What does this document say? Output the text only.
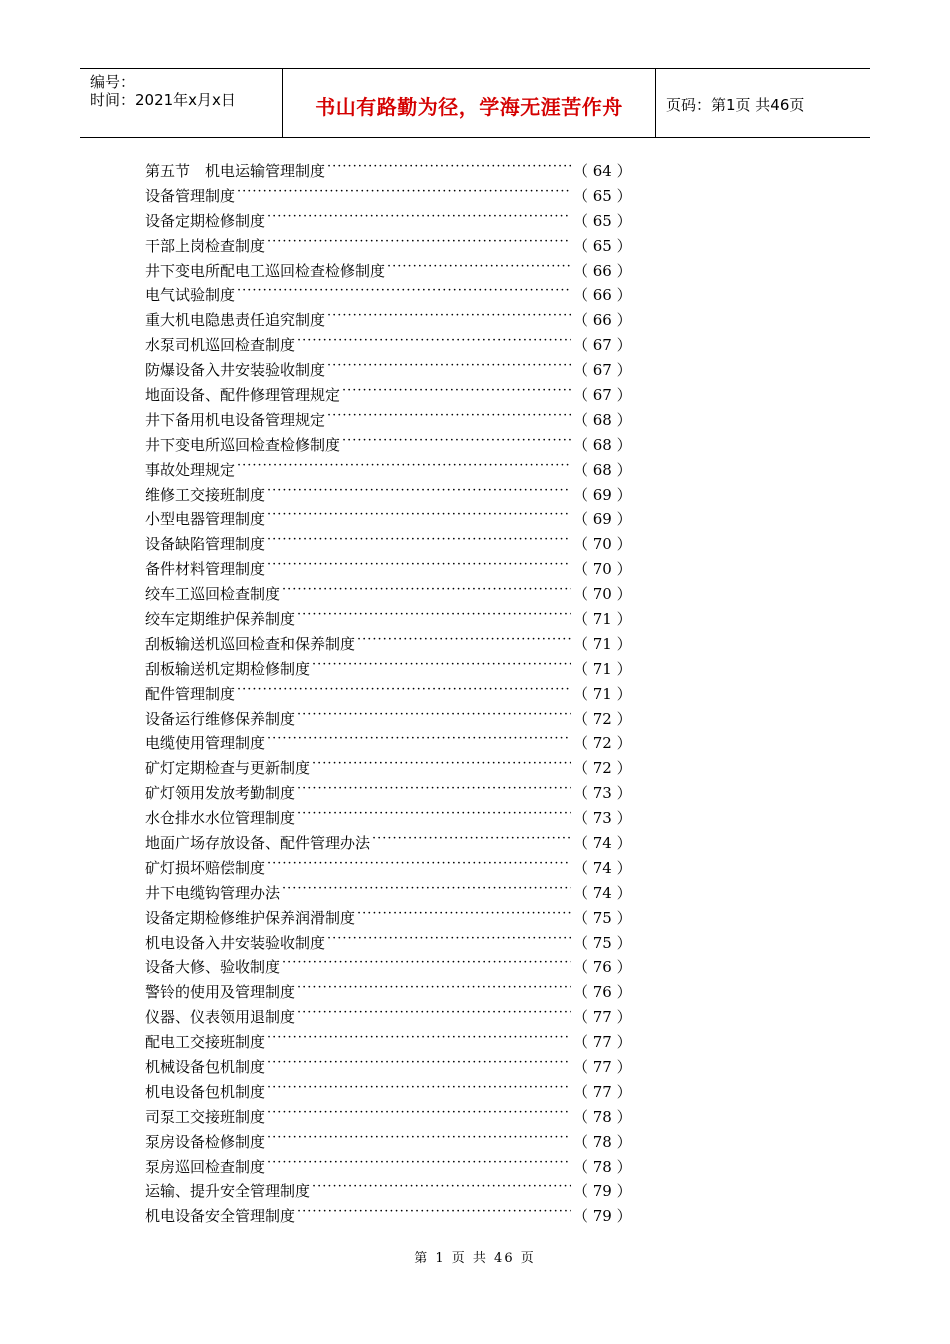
编号：
时间：2021年x月x日	书山有路勤为径，学海无涯苦作舟	页码：第1页 共46页
第五节　机电运输管理制度 ·····	（ 64 ）
设备管理制度 ·····	（ 65 ）
设备定期检修制度 ·····	（ 65 ）
干部上岗检查制度 ·····	（ 65 ）
井下变电所配电工巡回检查检修制度 ·····	（ 66 ）
电气试验制度 ·····	（ 66 ）
重大机电隐患责任追究制度 ·····	（ 66 ）
水泵司机巡回检查制度 ·····	（ 67 ）
防爆设备入井安装验收制度 ·····	（ 67 ）
地面设备、配件修理管理规定 ·····	（ 67 ）
井下备用机电设备管理规定 ·····	（ 68 ）
井下变电所巡回检查检修制度 ·····	（ 68 ）
事故处理规定 ·····	（ 68 ）
维修工交接班制度 ·····	（ 69 ）
小型电器管理制度 ·····	（ 69 ）
设备缺陷管理制度 ·····	（ 70 ）
备件材料管理制度 ·····	（ 70 ）
绞车工巡回检查制度 ·····	（ 70 ）
绞车定期维护保养制度 ·····	（ 71 ）
刮板输送机巡回检查和保养制度 ·····	（ 71 ）
刮板输送机定期检修制度 ·····	（ 71 ）
配件管理制度 ·····	（ 71 ）
设备运行维修保养制度 ·····	（ 72 ）
电缆使用管理制度 ·····	（ 72 ）
矿灯定期检查与更新制度 ·····	（ 72 ）
矿灯领用发放考勤制度 ·····	（ 73 ）
水仓排水水位管理制度 ·····	（ 73 ）
地面广场存放设备、配件管理办法 ·····	（ 74 ）
矿灯损坏赔偿制度 ·····	（ 74 ）
井下电缆钩管理办法 ·····	（ 74 ）
设备定期检修维护保养润滑制度 ·····	（ 75 ）
机电设备入井安装验收制度 ·····	（ 75 ）
设备大修、验收制度 ·····	（ 76 ）
警铃的使用及管理制度 ·····	（ 76 ）
仪器、仪表领用退制度 ·····	（ 77 ）
配电工交接班制度 ·····	（ 77 ）
机械设备包机制度 ·····	（ 77 ）
机电设备包机制度 ·····	（ 77 ）
司泵工交接班制度 ·····	（ 78 ）
泵房设备检修制度 ·····	（ 78 ）
泵房巡回检查制度 ·····	（ 78 ）
运输、提升安全管理制度 ·····	（ 79 ）
机电设备安全管理制度 ·····	（ 79 ）
第 1 页 共 46 页
